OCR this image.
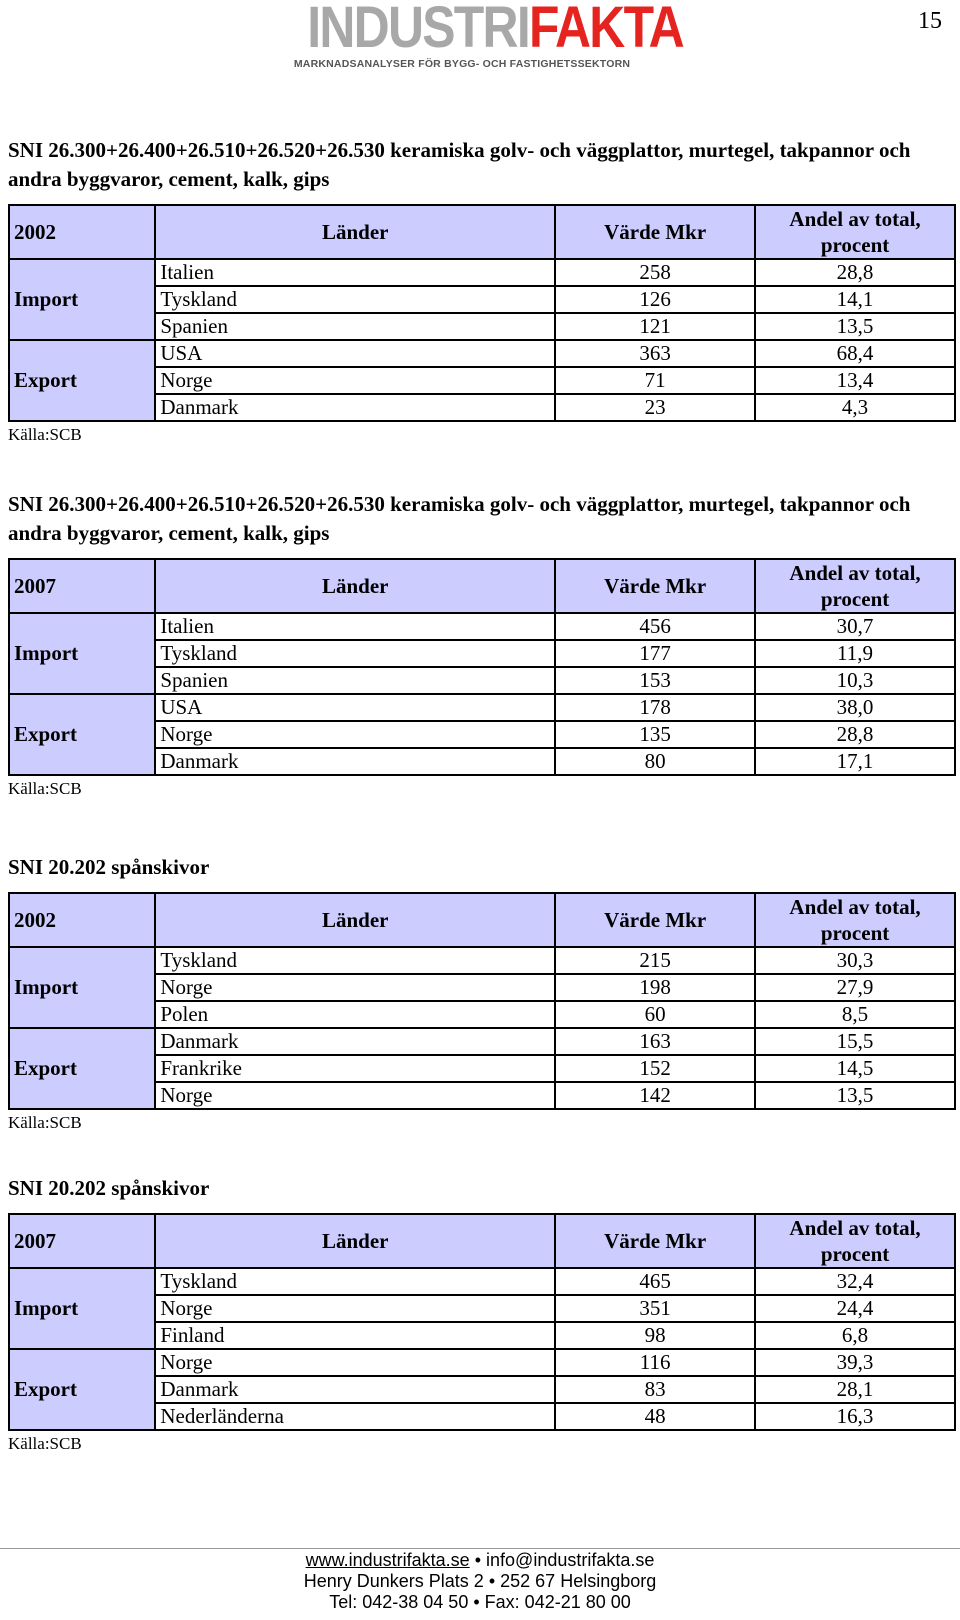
INDUSTRIFAKTA
MARKNADSANALYSER FÖR BYGG- OCH FASTIGHETSSEKTORN
15

SNI 26.300+26.400+26.510+26.520+26.530 keramiska golv- och väggplattor, murtegel, takpannor och andra byggvaror, cement, kalk, gips

2002	Länder	Värde Mkr	Andel av total, procent
Import	Italien	258	28,8
	Tyskland	126	14,1
	Spanien	121	13,5
Export	USA	363	68,4
	Norge	71	13,4
	Danmark	23	4,3
Källa:SCB

SNI 26.300+26.400+26.510+26.520+26.530 keramiska golv- och väggplattor, murtegel, takpannor och andra byggvaror, cement, kalk, gips

2007	Länder	Värde Mkr	Andel av total, procent
Import	Italien	456	30,7
	Tyskland	177	11,9
	Spanien	153	10,3
Export	USA	178	38,0
	Norge	135	28,8
	Danmark	80	17,1
Källa:SCB

SNI 20.202 spånskivor

2002	Länder	Värde Mkr	Andel av total, procent
Import	Tyskland	215	30,3
	Norge	198	27,9
	Polen	60	8,5
Export	Danmark	163	15,5
	Frankrike	152	14,5
	Norge	142	13,5
Källa:SCB

SNI 20.202 spånskivor

2007	Länder	Värde Mkr	Andel av total, procent
Import	Tyskland	465	32,4
	Norge	351	24,4
	Finland	98	6,8
Export	Norge	116	39,3
	Danmark	83	28,1
	Nederländerna	48	16,3
Källa:SCB
www.industrifakta.se • info@industrifakta.se
Henry Dunkers Plats 2 • 252 67 Helsingborg
Tel: 042-38 04 50 • Fax: 042-21 80 00
